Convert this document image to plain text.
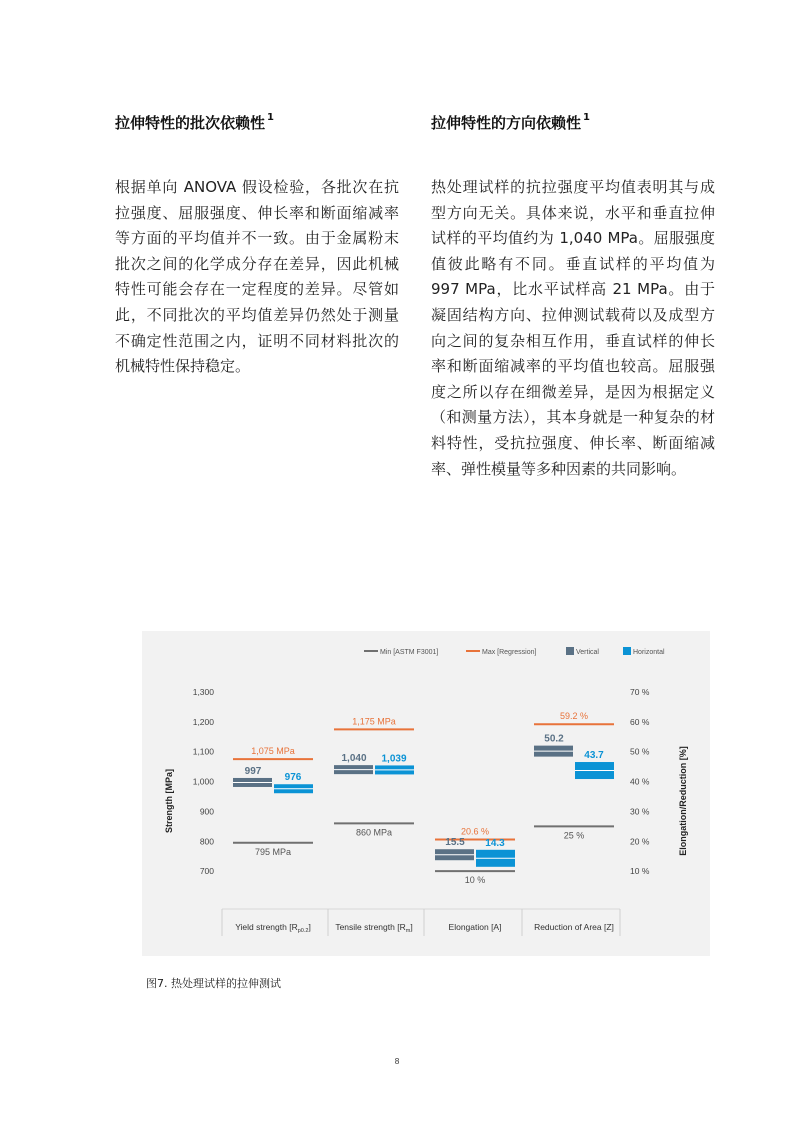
拉伸特性的批次依赖性 $^1$

根据单向 ANOVA 假设检验，各批次在抗拉强度、屈服强度、伸长率和断面缩减率等方面的平均值并不一致。由于金属粉末批次之间的化学成分存在差异，因此机械特性可能会存在一定程度的差异。尽管如此，不同批次的平均值差异仍然处于测量不确定性范围之内，证明不同材料批次的机械特性保持稳定。

拉伸特性的方向依赖性 $^1$

热处理试样的抗拉强度平均值表明其与成型方向无关。具体来说，水平和垂直拉伸试样的平均值约为 1,040 MPa。屈服强度值彼此略有不同。垂直试样的平均值为 997 MPa，比水平试样高 21 MPa。由于凝固结构方向、拉伸测试载荷以及成型方向之间的复杂相互作用，垂直试样的伸长率和断面缩减率的平均值也较高。屈服强度之所以存在细微差异，是因为根据定义（和测量方法），其本身就是一种复杂的材料特性，受抗拉强度、伸长率、断面缩减率、弹性模量等多种因素的共同影响。

Min [ASTM F3001]	Max [Regression]	Vertical	Horizontal
700
800
900
1,000
1,100
1,200
1,300
10 %
20 %
30 %
40 %
50 %
60 %
70 %
Strength [MPa]	Elongation/Reduction [%]
795 MPa
1,075 MPa
997
976
Yield strength $[R_{p0.2}]$
860 MPa
1,175 MPa
1,040 1,039
Tensile strength $[R_m]$
10 %
20.6 %
15.5 14.3
Elongation [A]
25 %
59.2 %
50.2
43.7
Reduction of Area [Z]
图7. 热处理试样的拉伸测试
8
